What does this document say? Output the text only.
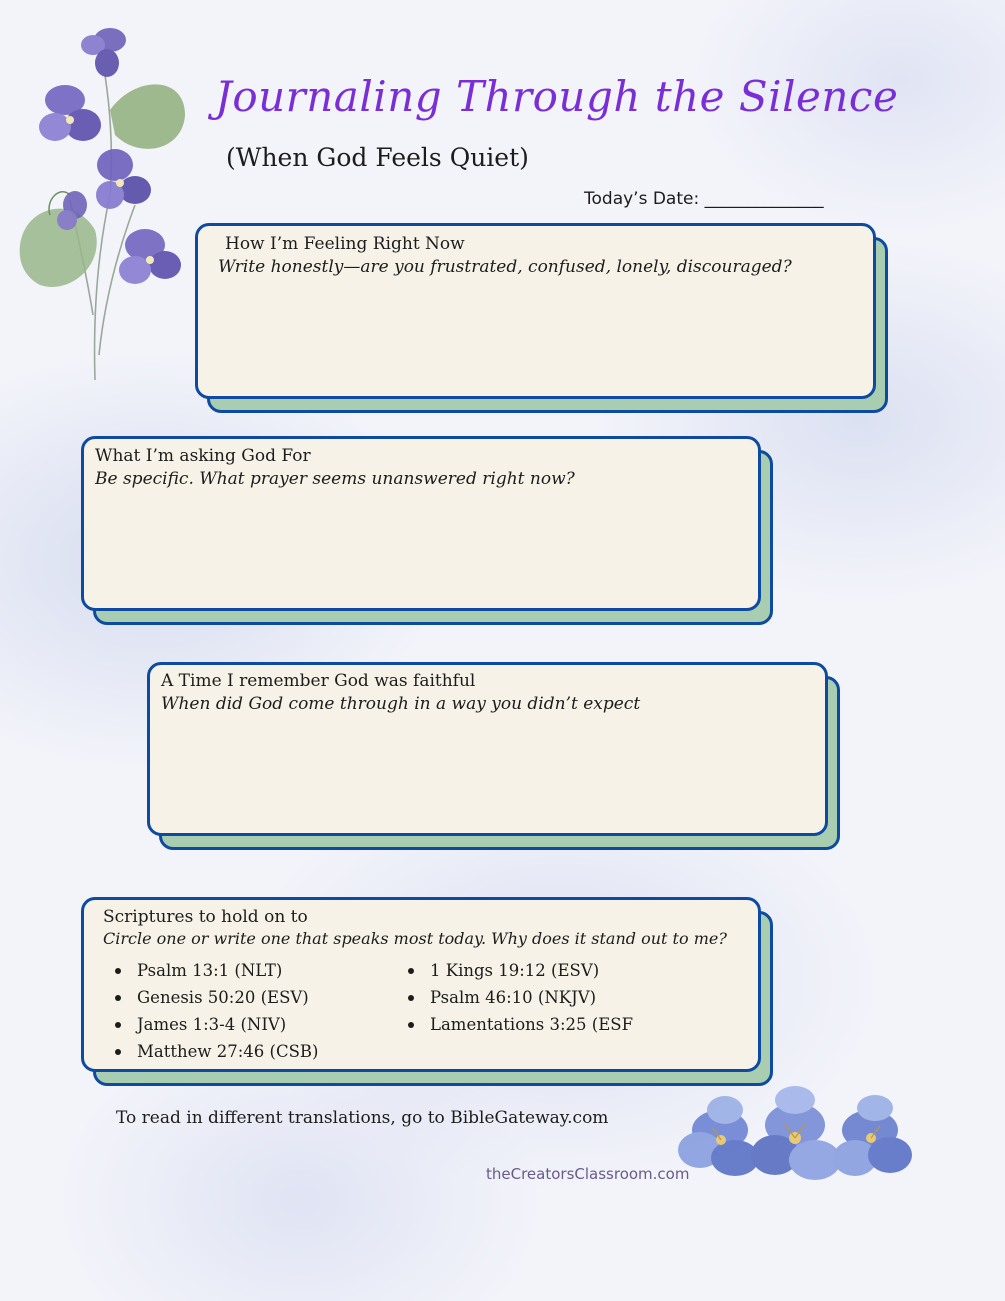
Journaling Through the Silence
(When God Feels Quiet)
Today’s Date: ______________
How I’m Feeling Right Now
Write honestly—are you frustrated, confused, lonely, discouraged?
What I’m asking God For
Be specific. What prayer seems unanswered right now?
A Time I remember God was faithful
When did God come through in a way you didn’t expect
Scriptures to hold on to
Circle one or write one that speaks most today. Why does it stand out to me?
Psalm 13:1 (NLT)
Genesis 50:20 (ESV)
James 1:3-4 (NIV)
Matthew 27:46 (CSB)
1 Kings 19:12 (ESV)
Psalm 46:10 (NKJV)
Lamentations 3:25 (ESF
To read in different translations, go to BibleGateway.com
theCreatorsClassroom.com
